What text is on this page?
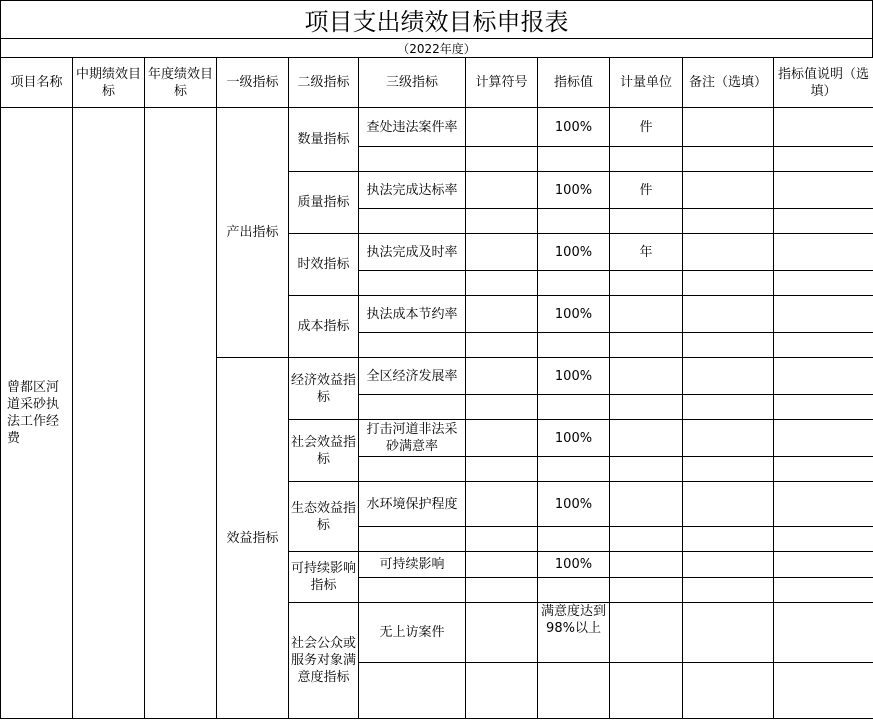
项目支出绩效目标申报表
（2022年度）
项目名称	中期绩效目标	年度绩效目标	一级指标	二级指标	三级指标	计算符号	指标值	计量单位	备注（选填）	指标值说明（选填）
曾都区河道采砂执法工作经费			产出指标	数量指标	查处违法案件率		100%	件		

				质量指标	执法完成达标率		100%	件		

				时效指标	执法完成及时率		100%	年		

				成本指标	执法成本节约率		100%			

			效益指标	经济效益指标	全区经济发展率		100%			

				社会效益指标	打击河道非法采砂满意率		100%			

				生态效益指标	水环境保护程度		100%			

				可持续影响指标	可持续影响		100%			

				社会公众或服务对象满意度指标	无上访案件		满意度达到98%以上			
